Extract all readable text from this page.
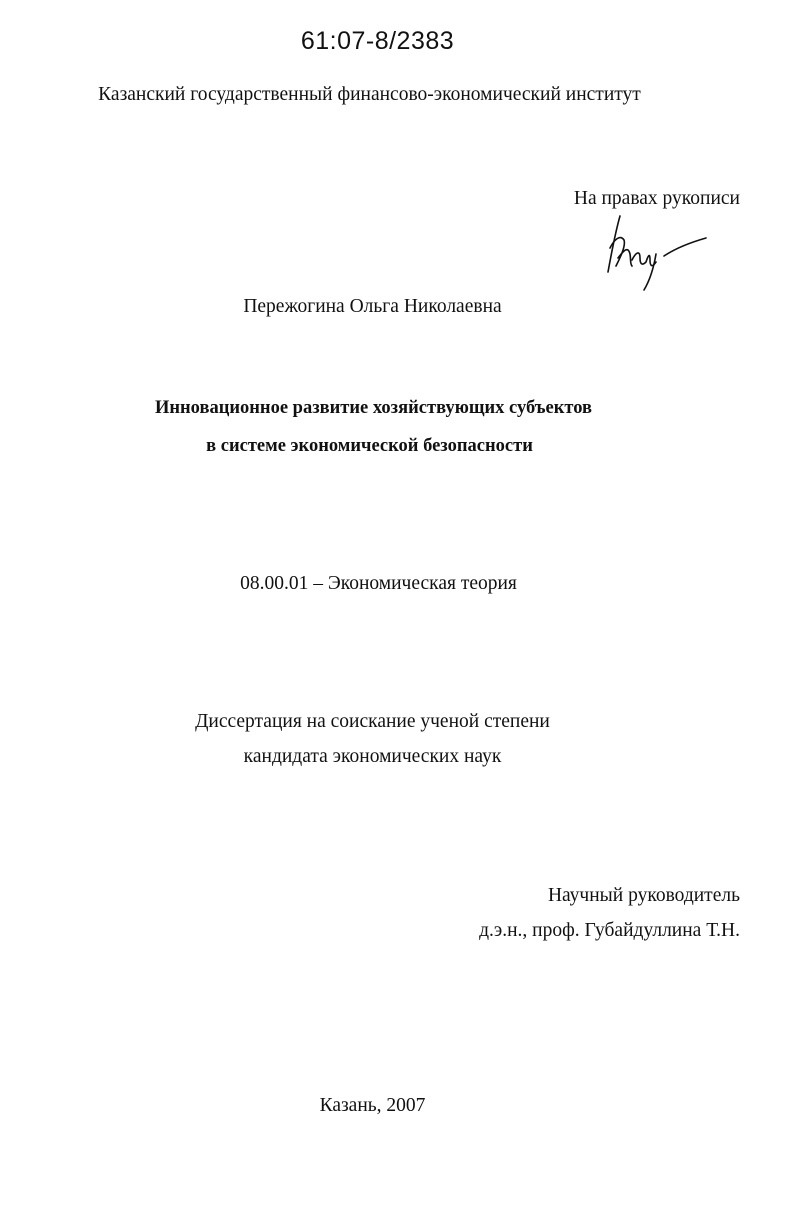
61:07-8/2383
Казанский государственный финансово-экономический институт
На правах рукописи
Пережогина Ольга Николаевна
Инновационное развитие хозяйствующих субъектов
в системе экономической безопасности
08.00.01 – Экономическая теория
Диссертация на соискание ученой степени
кандидата экономических наук
Научный руководитель
д.э.н., проф. Губайдуллина Т.Н.
Казань, 2007
